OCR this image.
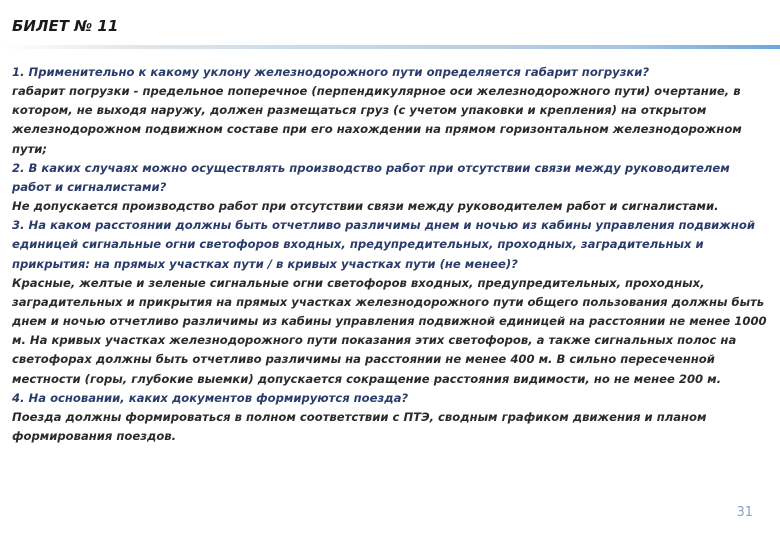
БИЛЕТ № 11

1. Применительно к какому уклону железнодорожного пути определяется габарит погрузки?

габарит погрузки - предельное поперечное (перпендикулярное оси железнодорожного пути) очертание, в котором, не выходя наружу, должен размещаться груз (с учетом упаковки и крепления) на открытом железнодорожном подвижном составе при его нахождении на прямом горизонтальном железнодорожном пути;

2. В каких случаях можно осуществлять производство работ при отсутствии связи между руководителем работ и сигналистами?

Не допускается производство работ при отсутствии связи между руководителем работ и сигналистами.

3. На каком расстоянии должны быть отчетливо различимы днем и ночью из кабины управления подвижной единицей сигнальные огни светофоров входных, предупредительных, проходных, заградительных и прикрытия: на прямых участках пути / в кривых участках пути (не менее)?

Красные, желтые и зеленые сигнальные огни светофоров входных, предупредительных, проходных, заградительных и прикрытия на прямых участках железнодорожного пути общего пользования должны быть днем и ночью отчетливо различимы из кабины управления подвижной единицей на расстоянии не менее 1000 м. На кривых участках железнодорожного пути показания этих светофоров, а также сигнальных полос на светофорах должны быть отчетливо различимы на расстоянии не менее 400 м. В сильно пересеченной местности (горы, глубокие выемки) допускается сокращение расстояния видимости, но не менее 200 м.

4. На основании, каких документов формируются поезда?

Поезда должны формироваться в полном соответствии с ПТЭ, сводным графиком движения и планом формирования поездов.

31
